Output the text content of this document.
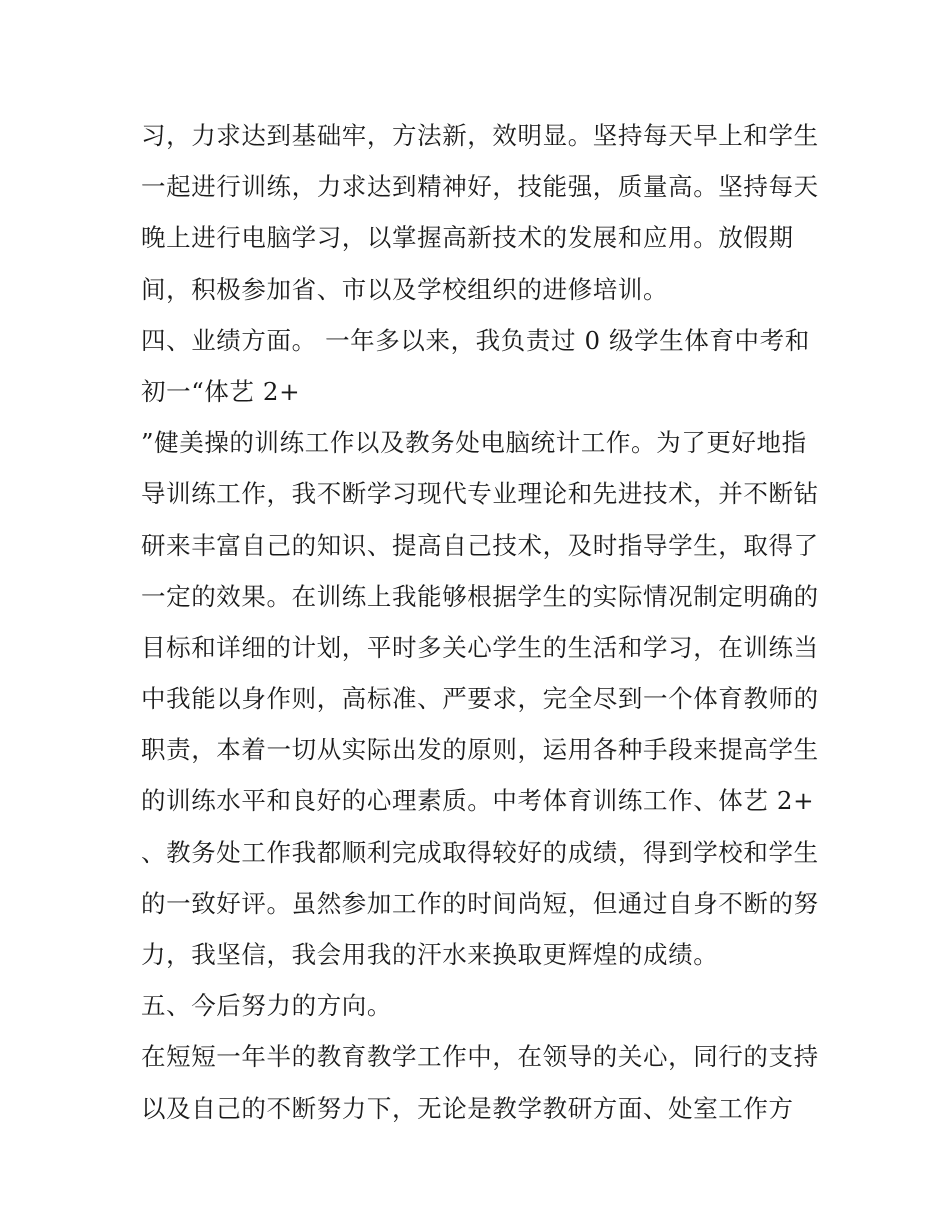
习，力求达到基础牢，方法新，效明显。坚持每天早上和学生
一起进行训练，力求达到精神好，技能强，质量高。坚持每天
晚上进行电脑学习，以掌握高新技术的发展和应用。放假期
间，积极参加省、市以及学校组织的进修培训。
四、业绩方面。 一年多以来，我负责过 0 级学生体育中考和
初一“体艺 2+
”健美操的训练工作以及教务处电脑统计工作。为了更好地指
导训练工作，我不断学习现代专业理论和先进技术，并不断钻
研来丰富自己的知识、提高自己技术，及时指导学生，取得了
一定的效果。在训练上我能够根据学生的实际情况制定明确的
目标和详细的计划，平时多关心学生的生活和学习，在训练当
中我能以身作则，高标准、严要求，完全尽到一个体育教师的
职责，本着一切从实际出发的原则，运用各种手段来提高学生
的训练水平和良好的心理素质。中考体育训练工作、体艺 2+
、教务处工作我都顺利完成取得较好的成绩，得到学校和学生
的一致好评。虽然参加工作的时间尚短，但通过自身不断的努
力，我坚信，我会用我的汗水来换取更辉煌的成绩。
五、今后努力的方向。
在短短一年半的教育教学工作中，在领导的关心，同行的支持
以及自己的不断努力下，无论是教学教研方面、处室工作方
